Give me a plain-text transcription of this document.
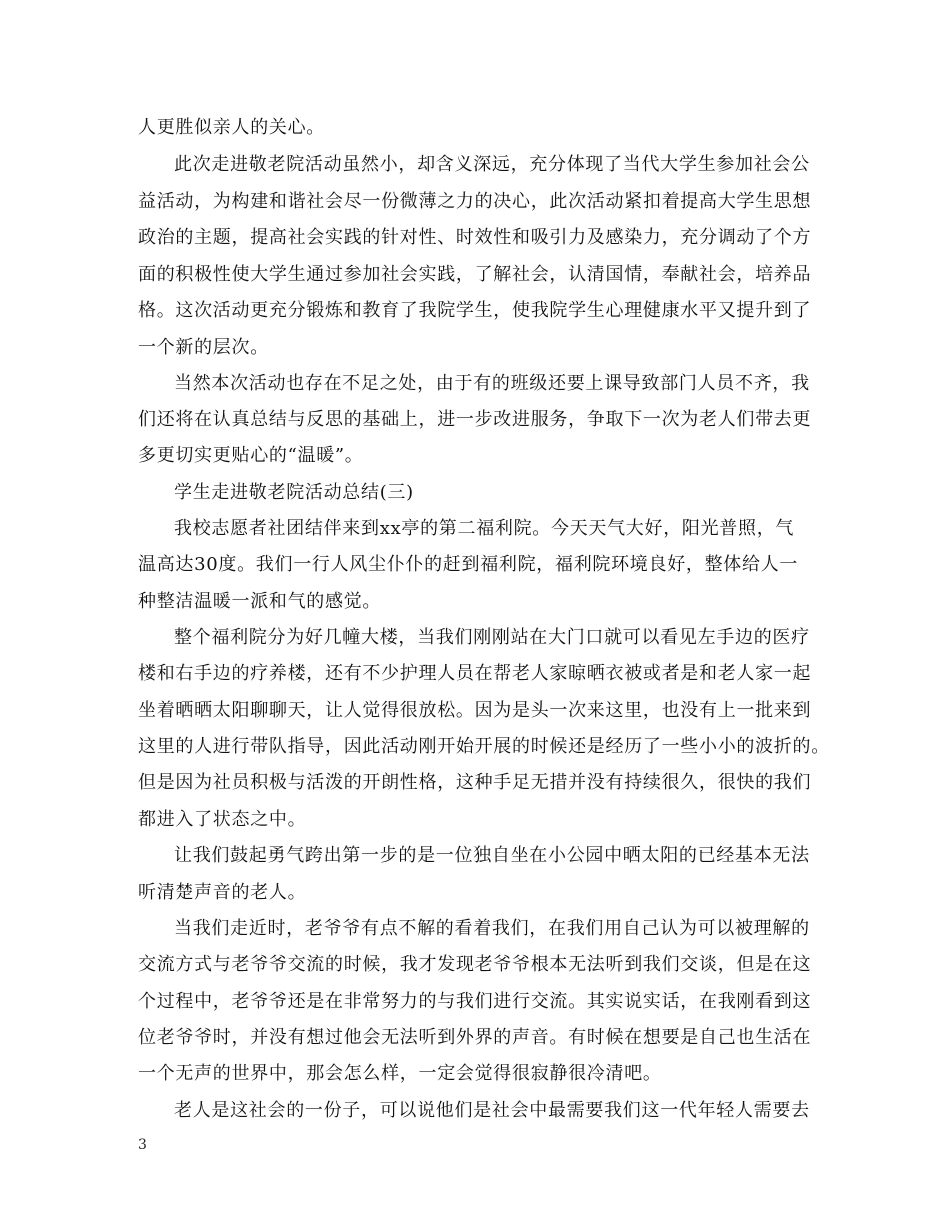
人更胜似亲人的关心。
此次走进敬老院活动虽然小，却含义深远，充分体现了当代大学生参加社会公
益活动，为构建和谐社会尽一份微薄之力的决心，此次活动紧扣着提高大学生思想
政治的主题，提高社会实践的针对性、时效性和吸引力及感染力，充分调动了个方
面的积极性使大学生通过参加社会实践，了解社会，认清国情，奉献社会，培养品
格。这次活动更充分锻炼和教育了我院学生，使我院学生心理健康水平又提升到了
一个新的层次。
当然本次活动也存在不足之处，由于有的班级还要上课导致部门人员不齐，我
们还将在认真总结与反思的基础上，进一步改进服务，争取下一次为老人们带去更
多更切实更贴心的“温暖”。
学生走进敬老院活动总结(三)
我校志愿者社团结伴来到xx亭的第二福利院。今天天气大好，阳光普照，气
温高达30度。我们一行人风尘仆仆的赶到福利院，福利院环境良好，整体给人一
种整洁温暖一派和气的感觉。
整个福利院分为好几幢大楼，当我们刚刚站在大门口就可以看见左手边的医疗
楼和右手边的疗养楼，还有不少护理人员在帮老人家晾晒衣被或者是和老人家一起
坐着晒晒太阳聊聊天，让人觉得很放松。因为是头一次来这里，也没有上一批来到
这里的人进行带队指导，因此活动刚开始开展的时候还是经历了一些小小的波折的。
但是因为社员积极与活泼的开朗性格，这种手足无措并没有持续很久，很快的我们
都进入了状态之中。
让我们鼓起勇气跨出第一步的是一位独自坐在小公园中晒太阳的已经基本无法
听清楚声音的老人。
当我们走近时，老爷爷有点不解的看着我们，在我们用自己认为可以被理解的
交流方式与老爷爷交流的时候，我才发现老爷爷根本无法听到我们交谈，但是在这
个过程中，老爷爷还是在非常努力的与我们进行交流。其实说实话，在我刚看到这
位老爷爷时，并没有想过他会无法听到外界的声音。有时候在想要是自己也生活在
一个无声的世界中，那会怎么样，一定会觉得很寂静很冷清吧。
老人是这社会的一份子，可以说他们是社会中最需要我们这一代年轻人需要去
3
